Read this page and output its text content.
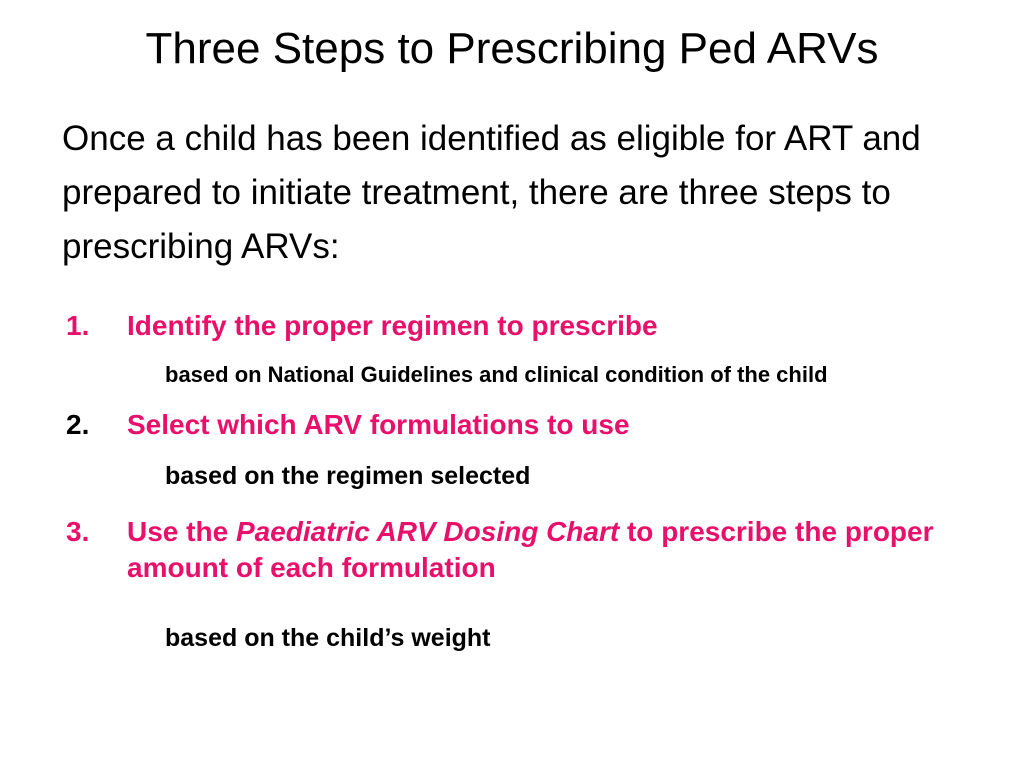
Three Steps to Prescribing Ped ARVs

Once a child has been identified as eligible for ART and prepared to initiate treatment, there are three steps to prescribing ARVs:

1.	Identify the proper regimen to prescribe
based on National Guidelines and clinical condition of the child
2.	Select which ARV formulations to use
based on the regimen selected
3.	Use the Paediatric ARV Dosing Chart to prescribe the proper amount of each formulation
based on the child’s weight
